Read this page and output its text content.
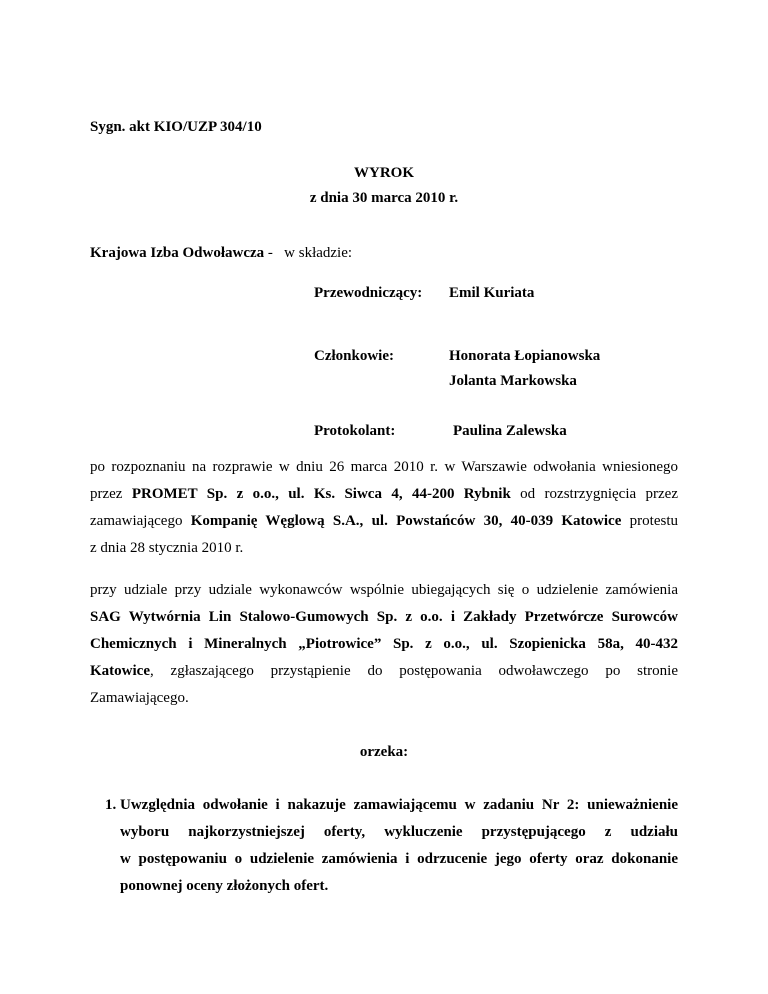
Sygn. akt KIO/UZP 304/10
WYROK
z dnia 30 marca 2010 r.
Krajowa Izba Odwoławcza -   w składzie:
Przewodniczący: Emil Kuriata
Członkowie:	Honorata Łopianowska
Jolanta Markowska
Protokolant:	Paulina Zalewska
po rozpoznaniu na rozprawie w dniu 26 marca 2010 r. w Warszawie odwołania wniesionego
przez PROMET Sp. z o.o., ul. Ks. Siwca 4, 44-200 Rybnik od rozstrzygnięcia przez
zamawiającego Kompanię Węglową S.A., ul. Powstańców 30, 40-039 Katowice protestu
z dnia 28 stycznia 2010 r.
przy udziale przy udziale wykonawców wspólnie ubiegających się o udzielenie zamówienia
SAG Wytwórnia Lin Stalowo-Gumowych Sp. z o.o. i Zakłady Przetwórcze Surowców
Chemicznych i Mineralnych „Piotrowice” Sp. z o.o., ul. Szopienicka 58a, 40-432
Katowice, zgłaszającego przystąpienie do postępowania odwoławczego po stronie
Zamawiającego.
orzeka:
1. Uwzględnia odwołanie i nakazuje zamawiającemu w zadaniu Nr 2: unieważnienie
wyboru najkorzystniejszej oferty, wykluczenie przystępującego z udziału
w postępowaniu o udzielenie zamówienia i odrzucenie jego oferty oraz dokonanie
ponownej oceny złożonych ofert.
